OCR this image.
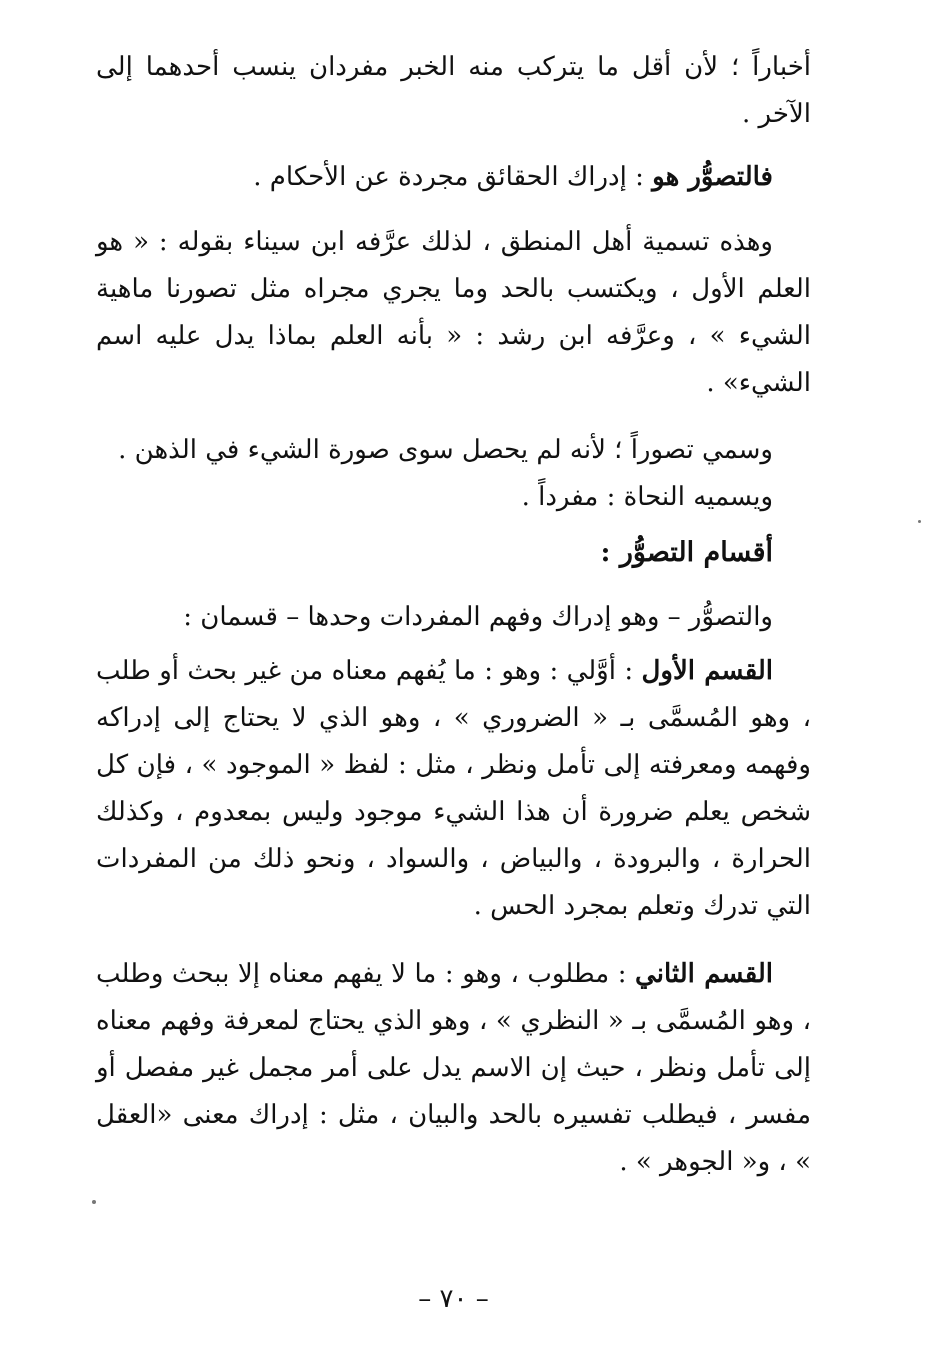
أخباراً ؛ لأن أقل ما يتركب منه الخبر مفردان ينسب أحدهما إلى الآخر .

فالتصوُّر هو : إدراك الحقائق مجردة عن الأحكام .

وهذه تسمية أهل المنطق ، لذلك عرَّفه ابن سيناء بقوله : « هو العلم الأول ، ويكتسب بالحد وما يجري مجراه مثل تصورنا ماهية الشيء » ، وعرَّفه ابن رشد : « بأنه العلم بماذا يدل عليه اسم الشيء» .

وسمي تصوراً ؛ لأنه لم يحصل سوى صورة الشيء في الذهن .

ويسميه النحاة : مفرداً .

أقسام التصوُّر :

والتصوُّر – وهو إدراك وفهم المفردات وحدها – قسمان :

القسم الأول : أوَّلي : وهو : ما يُفهم معناه من غير بحث أو طلب ، وهو المُسمَّى بـ « الضروري » ، وهو الذي لا يحتاج إلى إدراكه وفهمه ومعرفته إلى تأمل ونظر ، مثل : لفظ « الموجود » ، فإن كل شخص يعلم ضرورة أن هذا الشيء موجود وليس بمعدوم ، وكذلك الحرارة ، والبرودة ، والبياض ، والسواد ، ونحو ذلك من المفردات التي تدرك وتعلم بمجرد الحس .

القسم الثاني : مطلوب ، وهو : ما لا يفهم معناه إلا ببحث وطلب ، وهو المُسمَّى بـ « النظري » ، وهو الذي يحتاج لمعرفة وفهم معناه إلى تأمل ونظر ، حيث إن الاسم يدل على أمر مجمل غير مفصل أو مفسر ، فيطلب تفسيره بالحد والبيان ، مثل : إدراك معنى «العقل » ، و« الجوهر » .

– ٧٠ –
